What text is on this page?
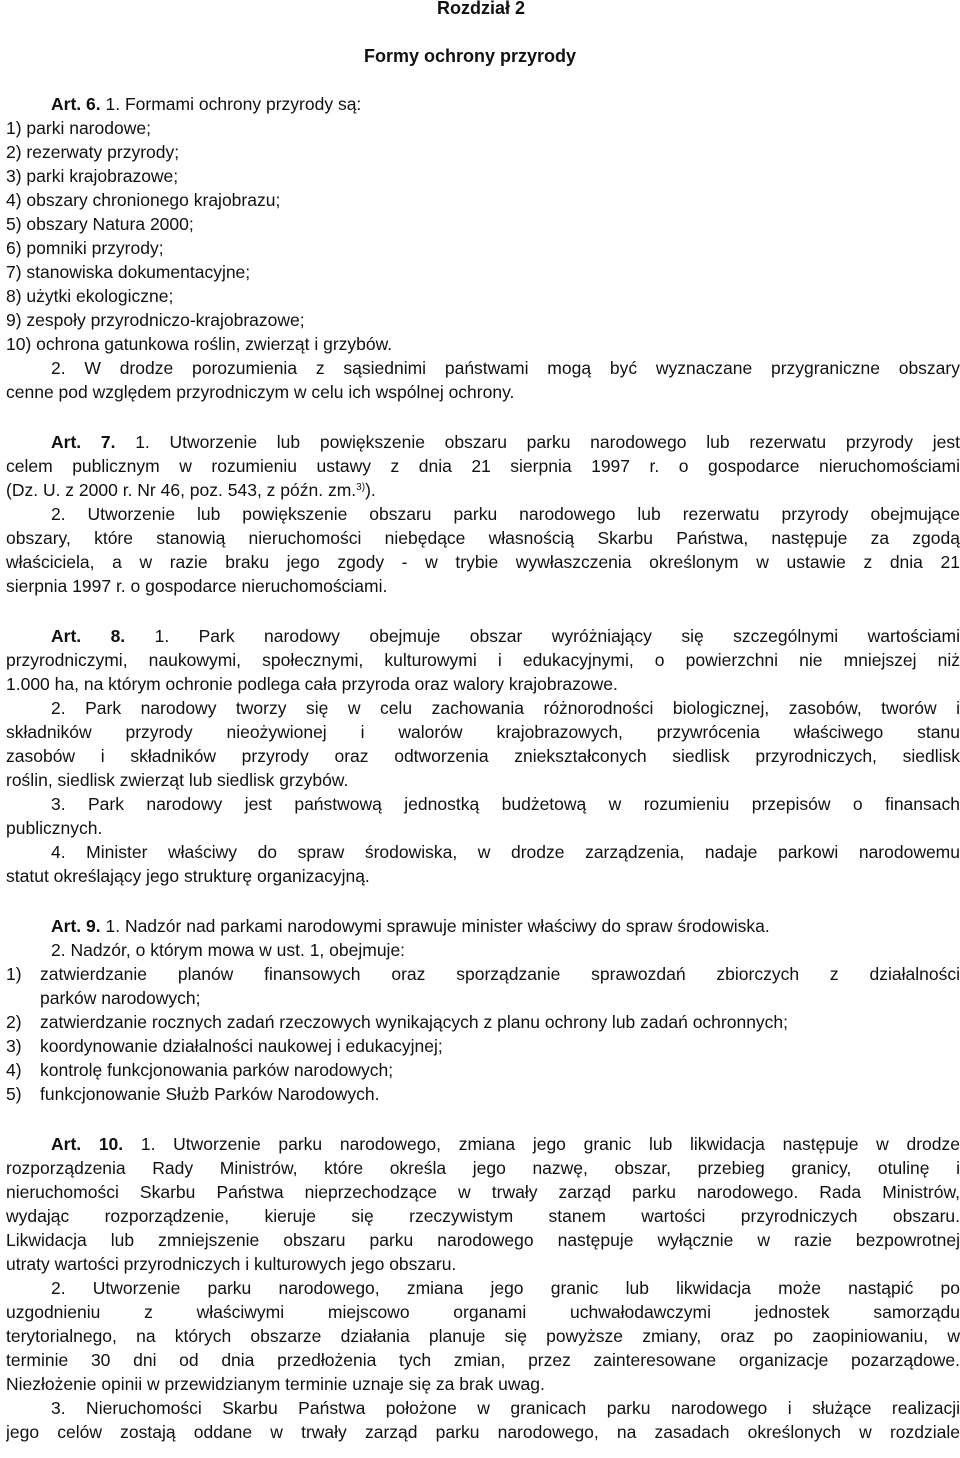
Rozdział 2
Formy ochrony przyrody
Art. 6. 1. Formami ochrony przyrody są:
1) parki narodowe;
2) rezerwaty przyrody;
3) parki krajobrazowe;
4) obszary chronionego krajobrazu;
5) obszary Natura 2000;
6) pomniki przyrody;
7) stanowiska dokumentacyjne;
8) użytki ekologiczne;
9) zespoły przyrodniczo-krajobrazowe;
10) ochrona gatunkowa roślin, zwierząt i grzybów.
2. W drodze porozumienia z sąsiednimi państwami mogą być wyznaczane przygraniczne obszary
cenne pod względem przyrodniczym w celu ich wspólnej ochrony.
Art. 7. 1. Utworzenie lub powiększenie obszaru parku narodowego lub rezerwatu przyrody jest
celem publicznym w rozumieniu ustawy z dnia 21 sierpnia 1997 r. o gospodarce nieruchomościami
(Dz. U. z 2000 r. Nr 46, poz. 543, z późn. zm.$^{3)}$).
2. Utworzenie lub powiększenie obszaru parku narodowego lub rezerwatu przyrody obejmujące
obszary, które stanowią nieruchomości niebędące własnością Skarbu Państwa, następuje za zgodą
właściciela, a w razie braku jego zgody - w trybie wywłaszczenia określonym w ustawie z dnia 21
sierpnia 1997 r. o gospodarce nieruchomościami.
Art. 8. 1. Park narodowy obejmuje obszar wyróżniający się szczególnymi wartościami
przyrodniczymi, naukowymi, społecznymi, kulturowymi i edukacyjnymi, o powierzchni nie mniejszej niż
1.000 ha, na którym ochronie podlega cała przyroda oraz walory krajobrazowe.
2. Park narodowy tworzy się w celu zachowania różnorodności biologicznej, zasobów, tworów i
składników przyrody nieożywionej i walorów krajobrazowych, przywrócenia właściwego stanu
zasobów i składników przyrody oraz odtworzenia zniekształconych siedlisk przyrodniczych, siedlisk
roślin, siedlisk zwierząt lub siedlisk grzybów.
3. Park narodowy jest państwową jednostką budżetową w rozumieniu przepisów o finansach
publicznych.
4. Minister właściwy do spraw środowiska, w drodze zarządzenia, nadaje parkowi narodowemu
statut określający jego strukturę organizacyjną.
Art. 9. 1. Nadzór nad parkami narodowymi sprawuje minister właściwy do spraw środowiska.
2. Nadzór, o którym mowa w ust. 1, obejmuje:
1) zatwierdzanie planów finansowych oraz sporządzanie sprawozdań zbiorczych z działalności
parków narodowych;
2) zatwierdzanie rocznych zadań rzeczowych wynikających z planu ochrony lub zadań ochronnych;
3) koordynowanie działalności naukowej i edukacyjnej;
4) kontrolę funkcjonowania parków narodowych;
5) funkcjonowanie Służb Parków Narodowych.
Art. 10. 1. Utworzenie parku narodowego, zmiana jego granic lub likwidacja następuje w drodze
rozporządzenia Rady Ministrów, które określa jego nazwę, obszar, przebieg granicy, otulinę i
nieruchomości Skarbu Państwa nieprzechodzące w trwały zarząd parku narodowego. Rada Ministrów,
wydając rozporządzenie, kieruje się rzeczywistym stanem wartości przyrodniczych obszaru.
Likwidacja lub zmniejszenie obszaru parku narodowego następuje wyłącznie w razie bezpowrotnej
utraty wartości przyrodniczych i kulturowych jego obszaru.
2. Utworzenie parku narodowego, zmiana jego granic lub likwidacja może nastąpić po
uzgodnieniu z właściwymi miejscowo organami uchwałodawczymi jednostek samorządu
terytorialnego, na których obszarze działania planuje się powyższe zmiany, oraz po zaopiniowaniu, w
terminie 30 dni od dnia przedłożenia tych zmian, przez zainteresowane organizacje pozarządowe.
Niezłożenie opinii w przewidzianym terminie uznaje się za brak uwag.
3. Nieruchomości Skarbu Państwa położone w granicach parku narodowego i służące realizacji
jego celów zostają oddane w trwały zarząd parku narodowego, na zasadach określonych w rozdziale
